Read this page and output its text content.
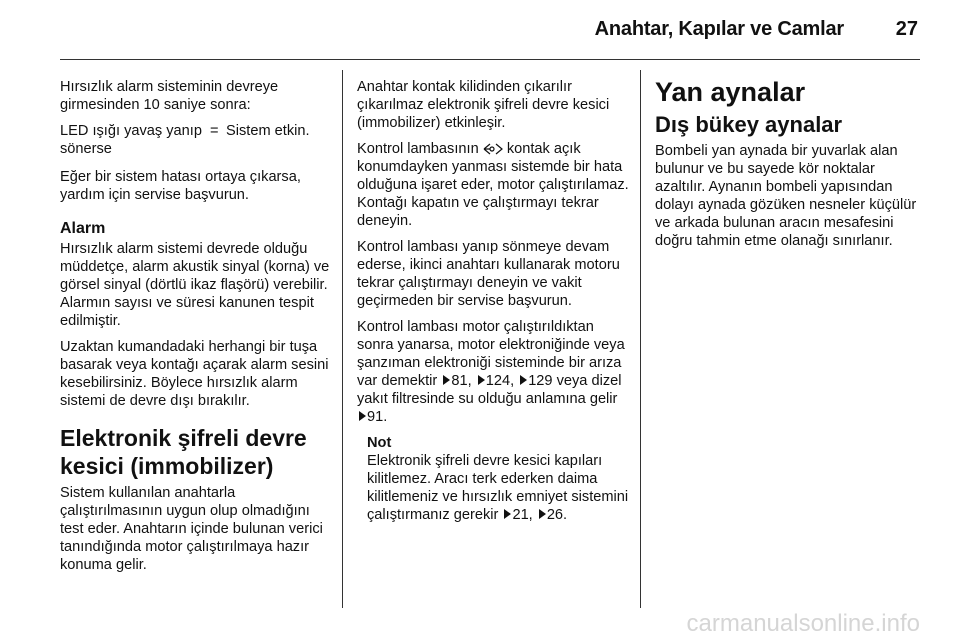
Anahtar, Kapılar ve Camlar	27

Hırsızlık alarm sisteminin devreye girmesinden 10 saniye sonra:

LED ışığı yavaş yanıp sönerse
= Sistem etkin.

Eğer bir sistem hatası ortaya çıkarsa, yardım için servise başvurun.

Alarm

Hırsızlık alarm sistemi devrede olduğu müddetçe, alarm akustik sinyal (korna) ve görsel sinyal (dörtlü ikaz flaşörü) verebilir. Alarmın sayısı ve süresi kanunen tespit edilmiştir.

Uzaktan kumandadaki herhangi bir tuşa basarak veya kontağı açarak alarm sesini kesebilirsiniz. Böylece hırsızlık alarm sistemi de devre dışı bırakılır.

Elektronik şifreli devre kesici (immobilizer)

Sistem kullanılan anahtarla çalıştırılmasının uygun olup olmadığını test eder. Anahtarın içinde bulunan verici tanındığında motor çalıştırılmaya hazır konuma gelir.

Anahtar kontak kilidinden çıkarılır çıkarılmaz elektronik şifreli devre kesici (immobilizer) etkinleşir.

Kontrol lambasının kontak açık konumdayken yanması sistemde bir hata olduğuna işaret eder, motor çalıştırılamaz. Kontağı kapatın ve çalıştırmayı tekrar deneyin.

Kontrol lambası yanıp sönmeye devam ederse, ikinci anahtarı kullanarak motoru tekrar çalıştırmayı deneyin ve vakit geçirmeden bir servise başvurun.

Kontrol lambası motor çalıştırıldıktan sonra yanarsa, motor elektroniğinde veya şanzıman elektroniği sisteminde bir arıza var demektir 81, 124, 129 veya dizel yakıt filtresinde su olduğu anlamına gelir 91.

Not
Elektronik şifreli devre kesici kapıları kilitlemez. Aracı terk ederken daima kilitlemeniz ve hırsızlık emniyet sistemini çalıştırmanız gerekir 21, 26.
Yan aynalar
Dış bükey aynalar

Bombeli yan aynada bir yuvarlak alan bulunur ve bu sayede kör noktalar azaltılır. Aynanın bombeli yapısından dolayı aynada gözüken nesneler küçülür ve arkada bulunan aracın mesafesini doğru tahmin etme olanağı sınırlanır.

carmanualsonline.info
